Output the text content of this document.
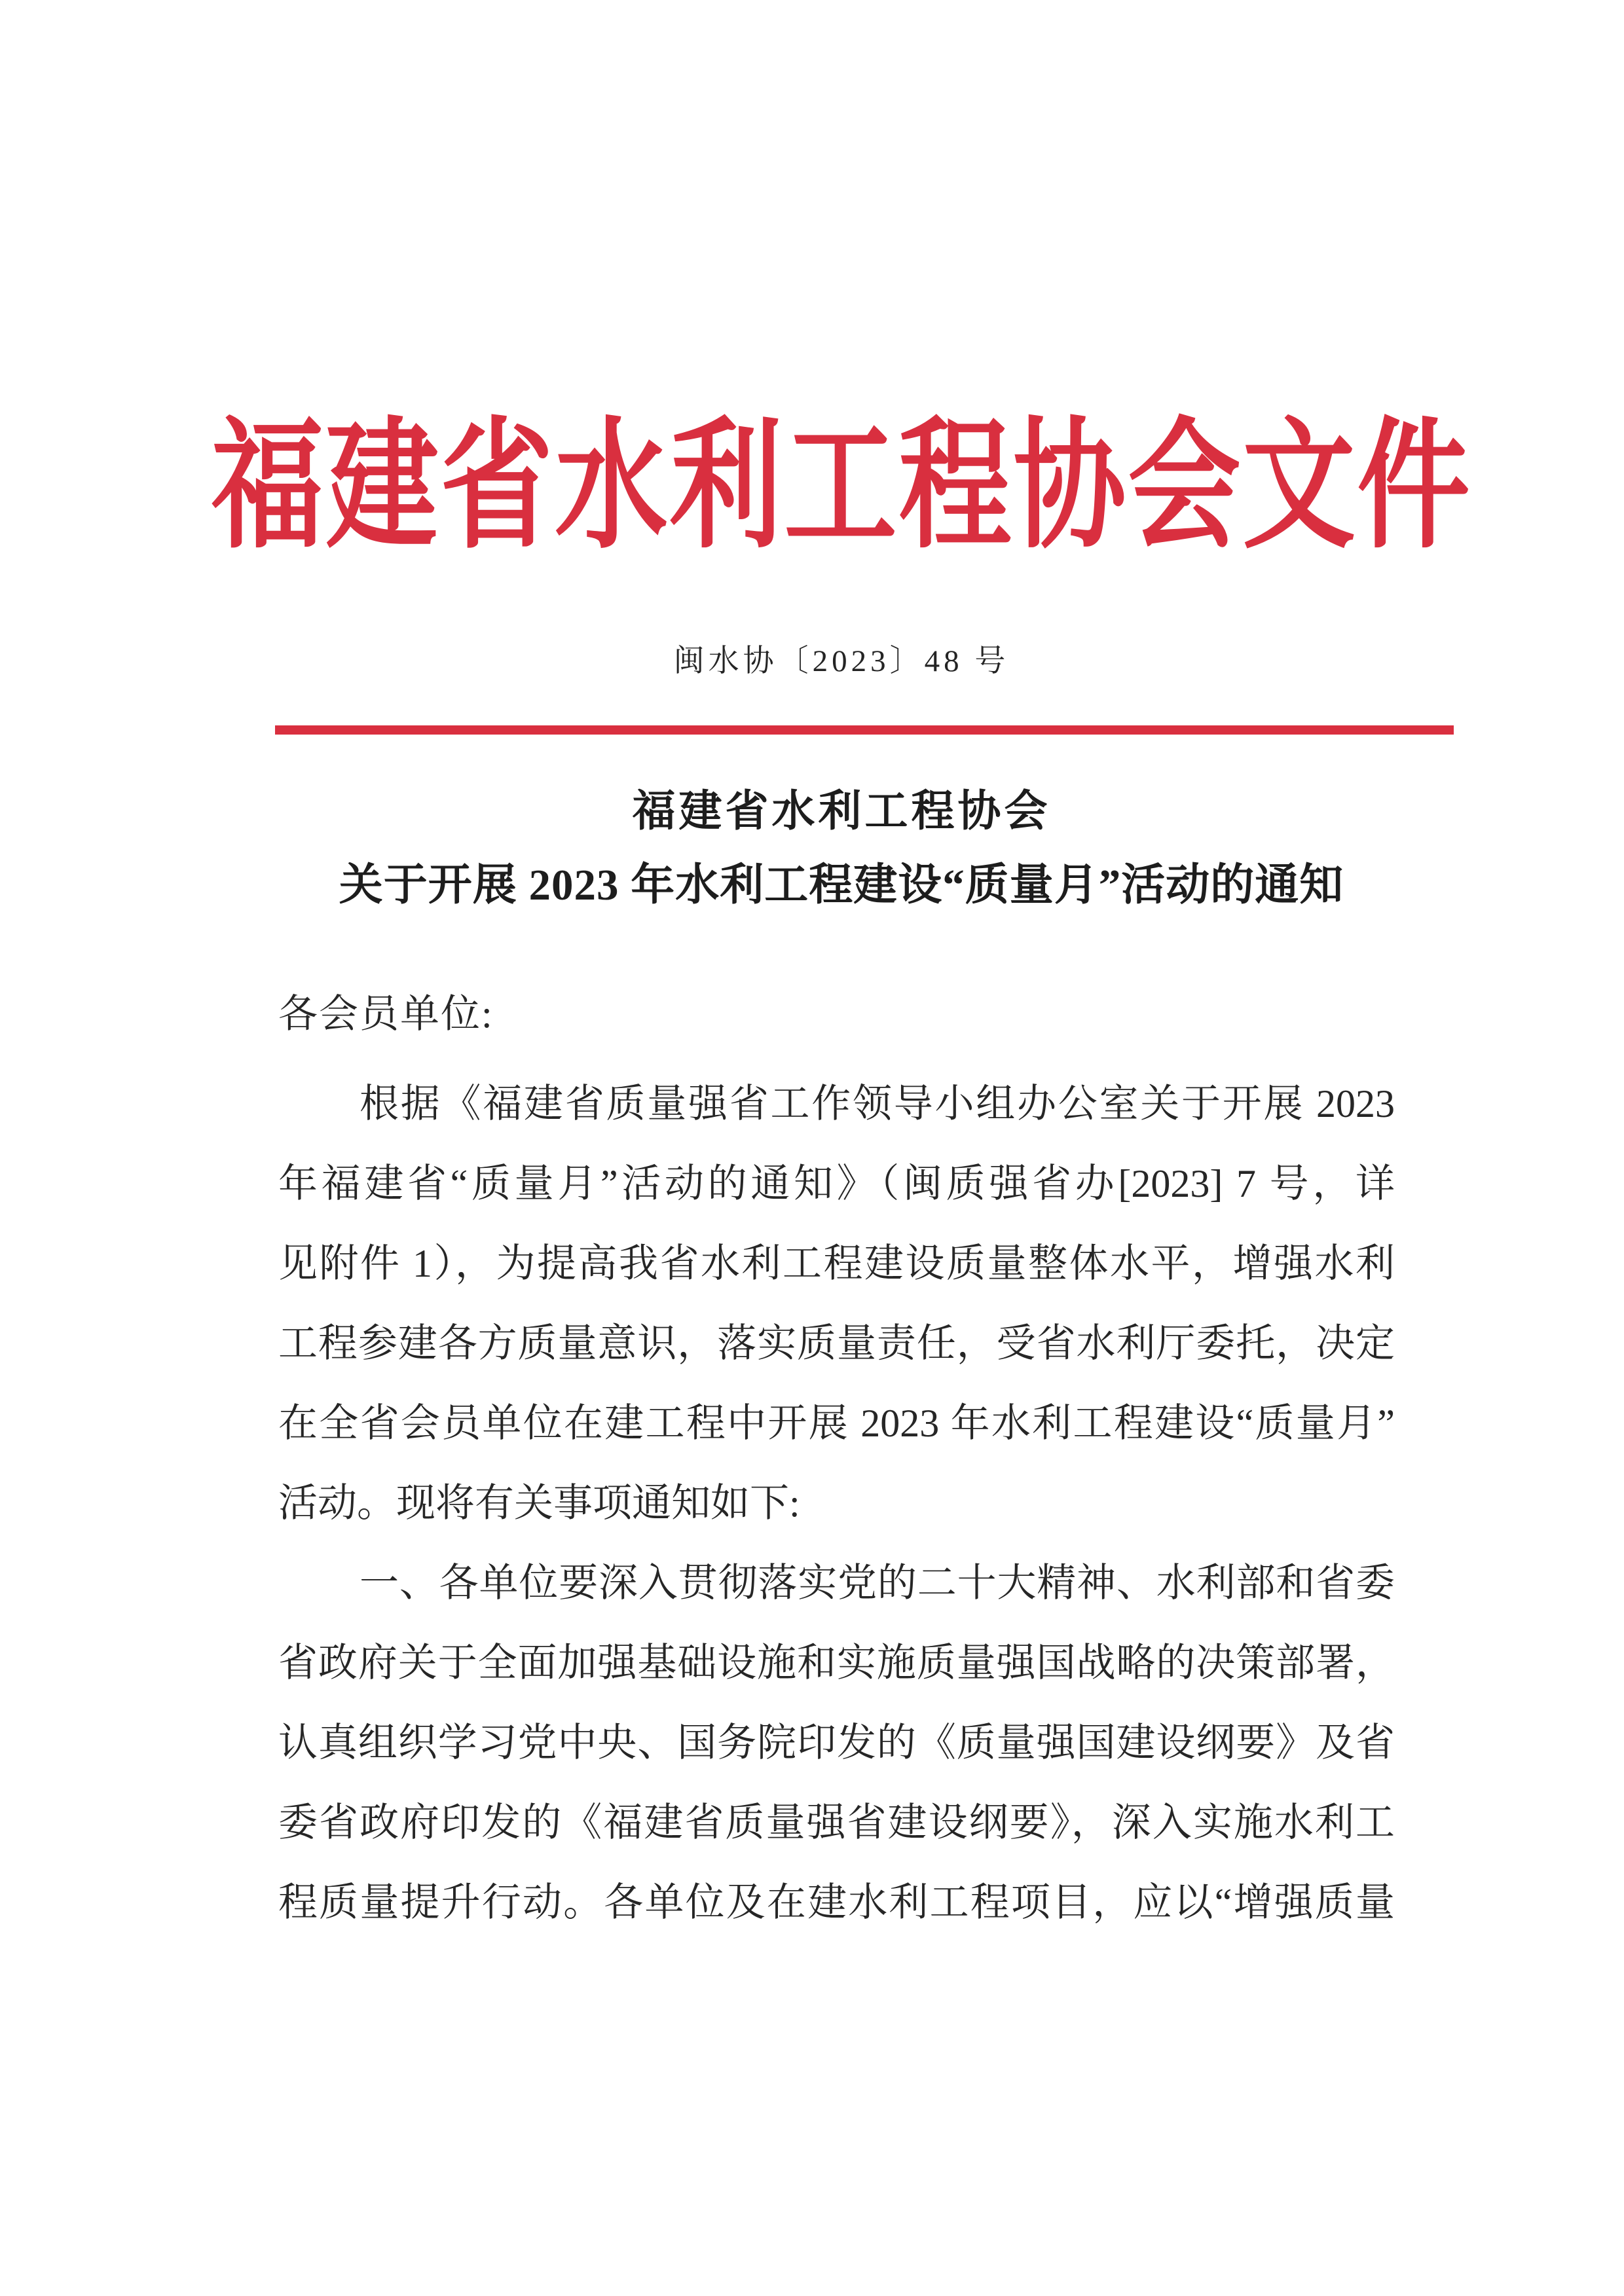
福建省水利工程协会文件
闽水协〔2023〕48 号
福建省水利工程协会
关于开展 2023 年水利工程建设“质量月”活动的通知
各会员单位:
根据《福建省质量强省工作领导小组办公室关于开展 2023
年福建省“质量月”活动的通知》（闽质强省办[2023] 7 号，详
见附件 1），为提高我省水利工程建设质量整体水平，增强水利
工程参建各方质量意识，落实质量责任，受省水利厅委托，决定
在全省会员单位在建工程中开展 2023 年水利工程建设“质量月”
活动。现将有关事项通知如下:
一、各单位要深入贯彻落实党的二十大精神、水利部和省委
省政府关于全面加强基础设施和实施质量强国战略的决策部署，
认真组织学习党中央、国务院印发的《质量强国建设纲要》及省
委省政府印发的《福建省质量强省建设纲要》，深入实施水利工
程质量提升行动。各单位及在建水利工程项目，应以“增强质量
